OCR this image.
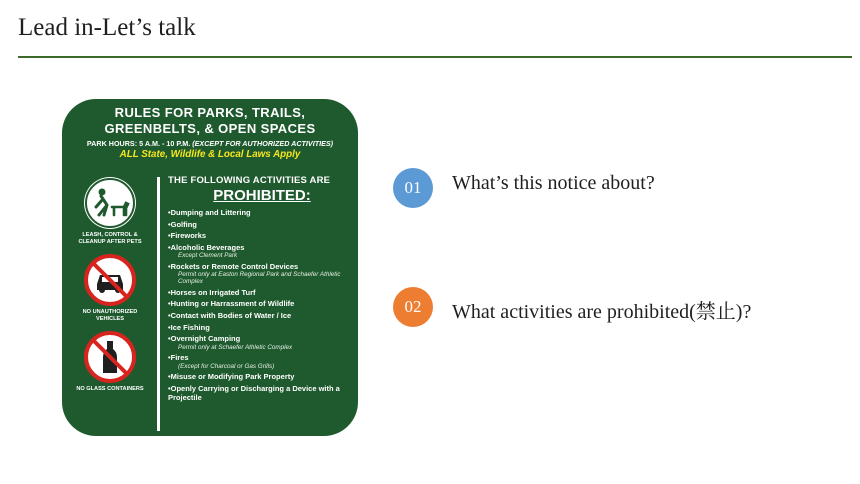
Lead in-Let’s talk
RULES FOR PARKS, TRAILS,
GREENBELTS, & OPEN SPACES
PARK HOURS: 5 A.M. - 10 P.M. (EXCEPT FOR AUTHORIZED ACTIVITIES)
ALL State, Wildlife & Local Laws Apply
LEASH, CONTROL & CLEANUP AFTER PETS
NO UNAUTHORIZED VEHICLES
NO GLASS CONTAINERS
THE FOLLOWING ACTIVITIES ARE
PROHIBITED:
•Dumping and Littering
•Golfing
•Fireworks
•Alcoholic Beverages
Except Clement Park
•Rockets or Remote Control Devices
Permit only at Easton Regional Park and Schaefer Athletic Complex
•Horses on Irrigated Turf
•Hunting or Harrassment of Wildlife
•Contact with Bodies of Water / Ice
•Ice Fishing
•Overnight Camping
Permit only at Schaefer Athletic Complex
•Fires
(Except for Charcoal or Gas Grills)
•Misuse or Modifying Park Property
•Openly Carrying or Discharging a Device with a Projectile
01	What’s this notice about?
02	What activities are prohibited(禁止)?
